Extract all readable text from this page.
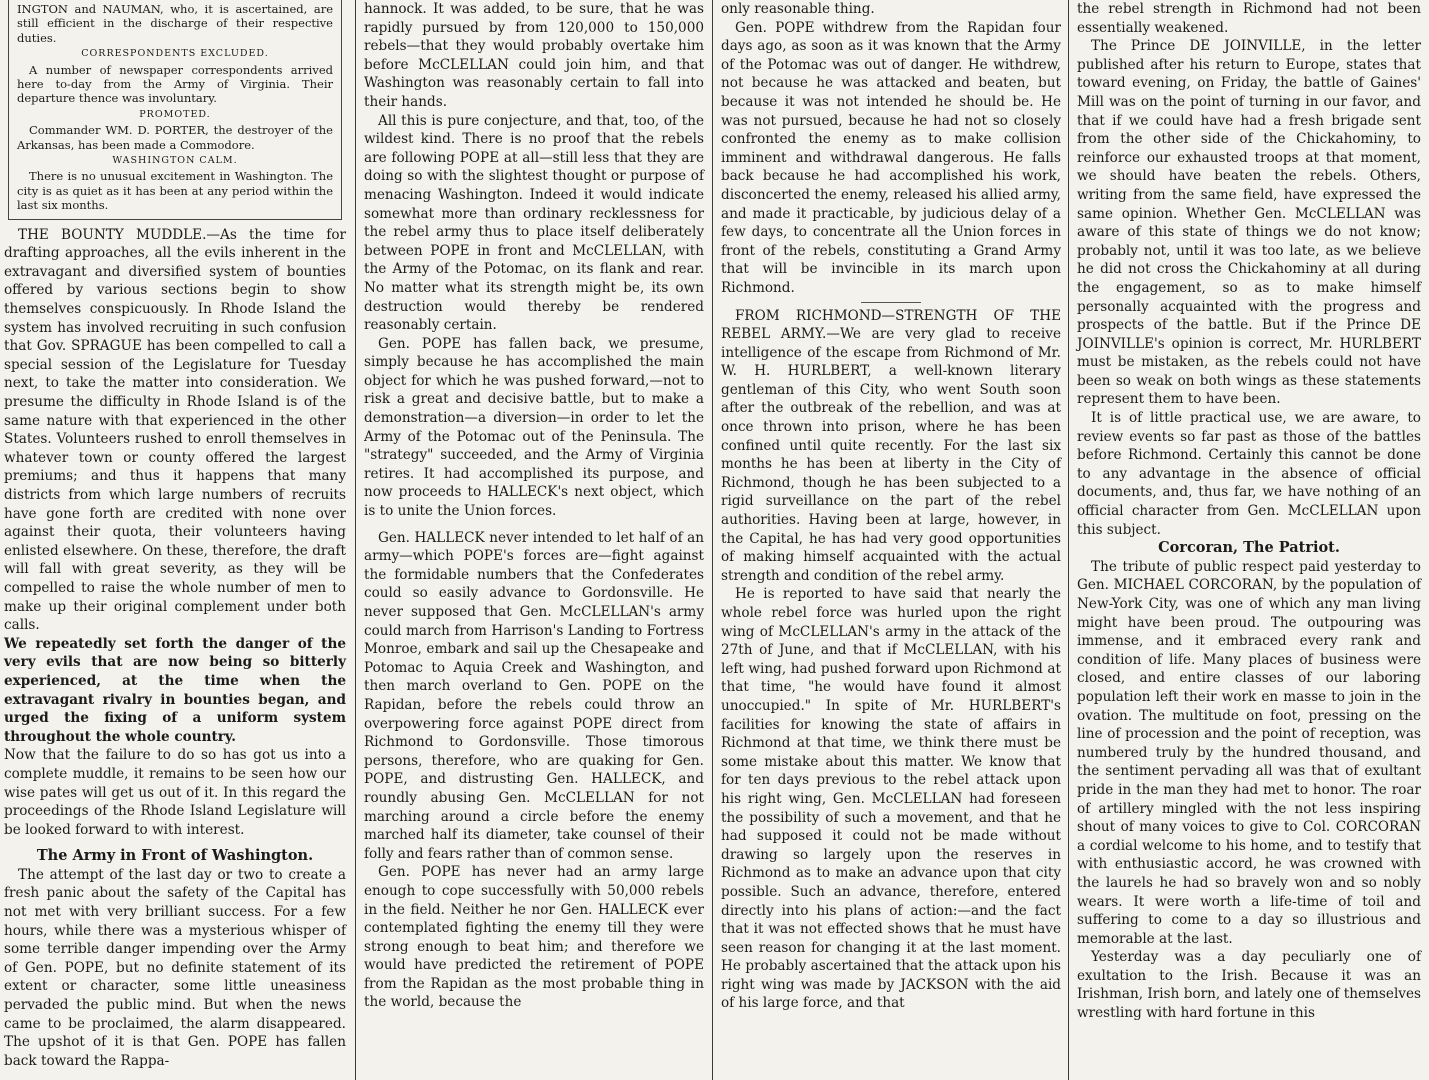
INGTON and NAUMAN, who, it is ascertained, are still efficient in the discharge of their respective duties.

CORRESPONDENTS EXCLUDED.

A number of newspaper correspondents arrived here to-day from the Army of Virginia. Their departure thence was involuntary.

PROMOTED.

Commander WM. D. PORTER, the destroyer of the Arkansas, has been made a Commodore.

WASHINGTON CALM.

There is no unusual excitement in Washington. The city is as quiet as it has been at any period within the last six months.

THE BOUNTY MUDDLE.—As the time for drafting approaches, all the evils inherent in the extravagant and diversified system of bounties offered by various sections begin to show themselves conspicuously. In Rhode Island the system has involved recruiting in such confusion that Gov. SPRAGUE has been compelled to call a special session of the Legislature for Tuesday next, to take the matter into consideration. We presume the difficulty in Rhode Island is of the same nature with that experienced in the other States. Volunteers rushed to enroll themselves in whatever town or county offered the largest premiums; and thus it happens that many districts from which large numbers of recruits have gone forth are credited with none over against their quota, their volunteers having enlisted elsewhere. On these, therefore, the draft will fall with great severity, as they will be compelled to raise the whole number of men to make up their original complement under both calls.

We repeatedly set forth the danger of the very evils that are now being so bitterly experienced, at the time when the extravagant rivalry in bounties began, and urged the fixing of a uniform system throughout the whole country.

Now that the failure to do so has got us into a complete muddle, it remains to be seen how our wise pates will get us out of it. In this regard the proceedings of the Rhode Island Legislature will be looked forward to with interest.

The Army in Front of Washington.

The attempt of the last day or two to create a fresh panic about the safety of the Capital has not met with very brilliant success. For a few hours, while there was a mysterious whisper of some terrible danger impending over the Army of Gen. POPE, but no definite statement of its extent or character, some little uneasiness pervaded the public mind. But when the news came to be proclaimed, the alarm disappeared. The upshot of it is that Gen. POPE has fallen back toward the Rappa-

hannock. It was added, to be sure, that he was rapidly pursued by from 120,000 to 150,000 rebels—that they would probably overtake him before McCLELLAN could join him, and that Washington was reasonably certain to fall into their hands.

All this is pure conjecture, and that, too, of the wildest kind. There is no proof that the rebels are following POPE at all—still less that they are doing so with the slightest thought or purpose of menacing Washington. Indeed it would indicate somewhat more than ordinary recklessness for the rebel army thus to place itself deliberately between POPE in front and McCLELLAN, with the Army of the Potomac, on its flank and rear. No matter what its strength might be, its own destruction would thereby be rendered reasonably certain.

Gen. POPE has fallen back, we presume, simply because he has accomplished the main object for which he was pushed forward,—not to risk a great and decisive battle, but to make a demonstration—a diversion—in order to let the Army of the Potomac out of the Peninsula. The "strategy" succeeded, and the Army of Virginia retires. It had accomplished its purpose, and now proceeds to HALLECK's next object, which is to unite the Union forces.

Gen. HALLECK never intended to let half of an army—which POPE's forces are—fight against the formidable numbers that the Confederates could so easily advance to Gordonsville. He never supposed that Gen. McCLELLAN's army could march from Harrison's Landing to Fortress Monroe, embark and sail up the Chesapeake and Potomac to Aquia Creek and Washington, and then march overland to Gen. POPE on the Rapidan, before the rebels could throw an overpowering force against POPE direct from Richmond to Gordonsville. Those timorous persons, therefore, who are quaking for Gen. POPE, and distrusting Gen. HALLECK, and roundly abusing Gen. McCLELLAN for not marching around a circle before the enemy marched half its diameter, take counsel of their folly and fears rather than of common sense.

Gen. POPE has never had an army large enough to cope successfully with 50,000 rebels in the field. Neither he nor Gen. HALLECK ever contemplated fighting the enemy till they were strong enough to beat him; and therefore we would have predicted the retirement of POPE from the Rapidan as the most probable thing in the world, because the

only reasonable thing.

Gen. POPE withdrew from the Rapidan four days ago, as soon as it was known that the Army of the Potomac was out of danger. He withdrew, not because he was attacked and beaten, but because it was not intended he should be. He was not pursued, because he had not so closely confronted the enemy as to make collision imminent and withdrawal dangerous. He falls back because he had accomplished his work, disconcerted the enemy, released his allied army, and made it practicable, by judicious delay of a few days, to concentrate all the Union forces in front of the rebels, constituting a Grand Army that will be invincible in its march upon Richmond.

FROM RICHMOND—STRENGTH OF THE REBEL ARMY.—We are very glad to receive intelligence of the escape from Richmond of Mr. W. H. HURLBERT, a well-known literary gentleman of this City, who went South soon after the outbreak of the rebellion, and was at once thrown into prison, where he has been confined until quite recently. For the last six months he has been at liberty in the City of Richmond, though he has been subjected to a rigid surveillance on the part of the rebel authorities. Having been at large, however, in the Capital, he has had very good opportunities of making himself acquainted with the actual strength and condition of the rebel army.

He is reported to have said that nearly the whole rebel force was hurled upon the right wing of McCLELLAN's army in the attack of the 27th of June, and that if McCLELLAN, with his left wing, had pushed forward upon Richmond at that time, "he would have found it almost unoccupied." In spite of Mr. HURLBERT's facilities for knowing the state of affairs in Richmond at that time, we think there must be some mistake about this matter. We know that for ten days previous to the rebel attack upon his right wing, Gen. McCLELLAN had foreseen the possibility of such a movement, and that he had supposed it could not be made without drawing so largely upon the reserves in Richmond as to make an advance upon that city possible. Such an advance, therefore, entered directly into his plans of action:—and the fact that it was not effected shows that he must have seen reason for changing it at the last moment. He probably ascertained that the attack upon his right wing was made by JACKSON with the aid of his large force, and that

the rebel strength in Richmond had not been essentially weakened.

The Prince DE JOINVILLE, in the letter published after his return to Europe, states that toward evening, on Friday, the battle of Gaines' Mill was on the point of turning in our favor, and that if we could have had a fresh brigade sent from the other side of the Chickahominy, to reinforce our exhausted troops at that moment, we should have beaten the rebels. Others, writing from the same field, have expressed the same opinion. Whether Gen. McCLELLAN was aware of this state of things we do not know; probably not, until it was too late, as we believe he did not cross the Chickahominy at all during the engagement, so as to make himself personally acquainted with the progress and prospects of the battle. But if the Prince DE JOINVILLE's opinion is correct, Mr. HURLBERT must be mistaken, as the rebels could not have been so weak on both wings as these statements represent them to have been.

It is of little practical use, we are aware, to review events so far past as those of the battles before Richmond. Certainly this cannot be done to any advantage in the absence of official documents, and, thus far, we have nothing of an official character from Gen. McCLELLAN upon this subject.

Corcoran, The Patriot.

The tribute of public respect paid yesterday to Gen. MICHAEL CORCORAN, by the population of New-York City, was one of which any man living might have been proud. The outpouring was immense, and it embraced every rank and condition of life. Many places of business were closed, and entire classes of our laboring population left their work en masse to join in the ovation. The multitude on foot, pressing on the line of procession and the point of reception, was numbered truly by the hundred thousand, and the sentiment pervading all was that of exultant pride in the man they had met to honor. The roar of artillery mingled with the not less inspiring shout of many voices to give to Col. CORCORAN a cordial welcome to his home, and to testify that with enthusiastic accord, he was crowned with the laurels he had so bravely won and so nobly wears. It were worth a life-time of toil and suffering to come to a day so illustrious and memorable at the last.

Yesterday was a day peculiarly one of exultation to the Irish. Because it was an Irishman, Irish born, and lately one of themselves wrestling with hard fortune in this
